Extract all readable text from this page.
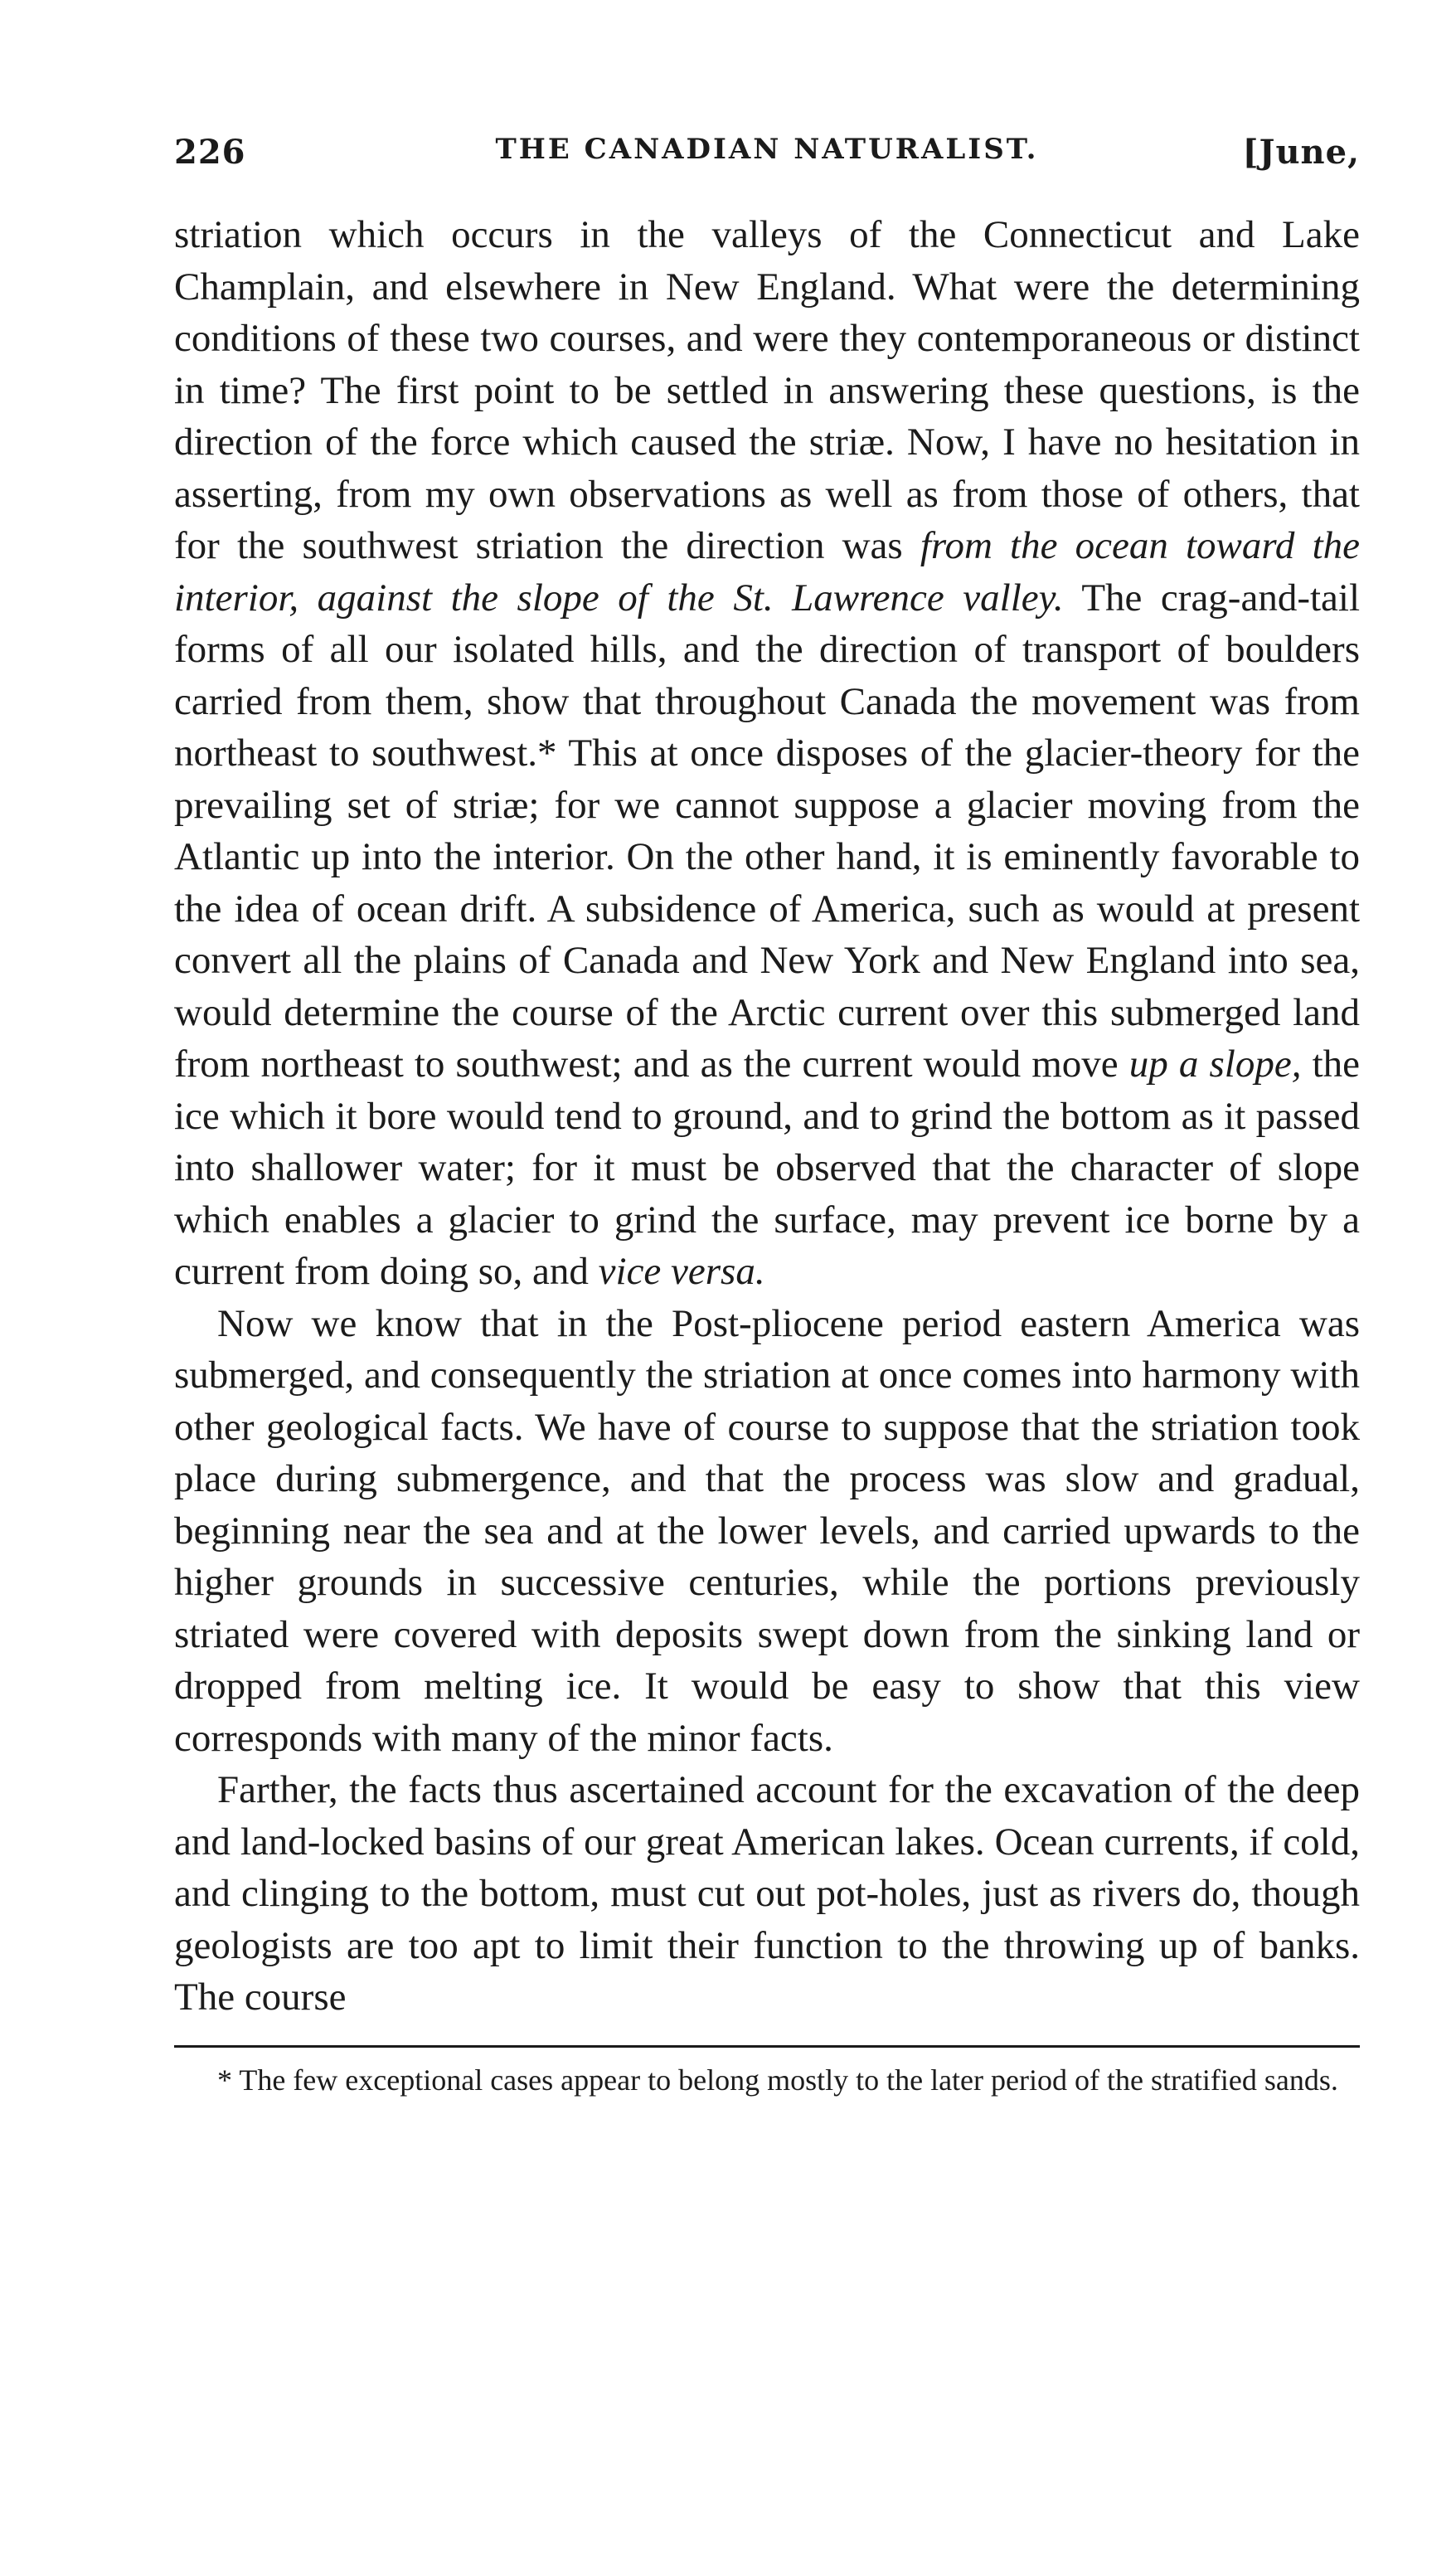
226	THE CANADIAN NATURALIST.	[June,

striation which occurs in the valleys of the Connecticut and Lake Champlain, and elsewhere in New England. What were the determining conditions of these two courses, and were they contemporaneous or distinct in time? The first point to be settled in answering these questions, is the direction of the force which caused the striæ. Now, I have no hesitation in asserting, from my own observations as well as from those of others, that for the southwest striation the direction was from the ocean toward the interior, against the slope of the St. Lawrence valley. The crag-and-tail forms of all our isolated hills, and the direction of transport of boulders carried from them, show that throughout Canada the movement was from northeast to southwest.* This at once disposes of the glacier-theory for the prevailing set of striæ; for we cannot suppose a glacier moving from the Atlantic up into the interior. On the other hand, it is eminently favorable to the idea of ocean drift. A subsidence of America, such as would at present convert all the plains of Canada and New York and New England into sea, would determine the course of the Arctic current over this submerged land from northeast to southwest; and as the current would move up a slope, the ice which it bore would tend to ground, and to grind the bottom as it passed into shallower water; for it must be observed that the character of slope which enables a glacier to grind the surface, may prevent ice borne by a current from doing so, and vice versa.

Now we know that in the Post-pliocene period eastern America was submerged, and consequently the striation at once comes into harmony with other geological facts. We have of course to suppose that the striation took place during submergence, and that the process was slow and gradual, beginning near the sea and at the lower levels, and carried upwards to the higher grounds in successive centuries, while the portions previously striated were covered with deposits swept down from the sinking land or dropped from melting ice. It would be easy to show that this view corresponds with many of the minor facts.

Farther, the facts thus ascertained account for the excavation of the deep and land-locked basins of our great American lakes. Ocean currents, if cold, and clinging to the bottom, must cut out pot-holes, just as rivers do, though geologists are too apt to limit their function to the throwing up of banks. The course

* The few exceptional cases appear to belong mostly to the later period of the stratified sands.
